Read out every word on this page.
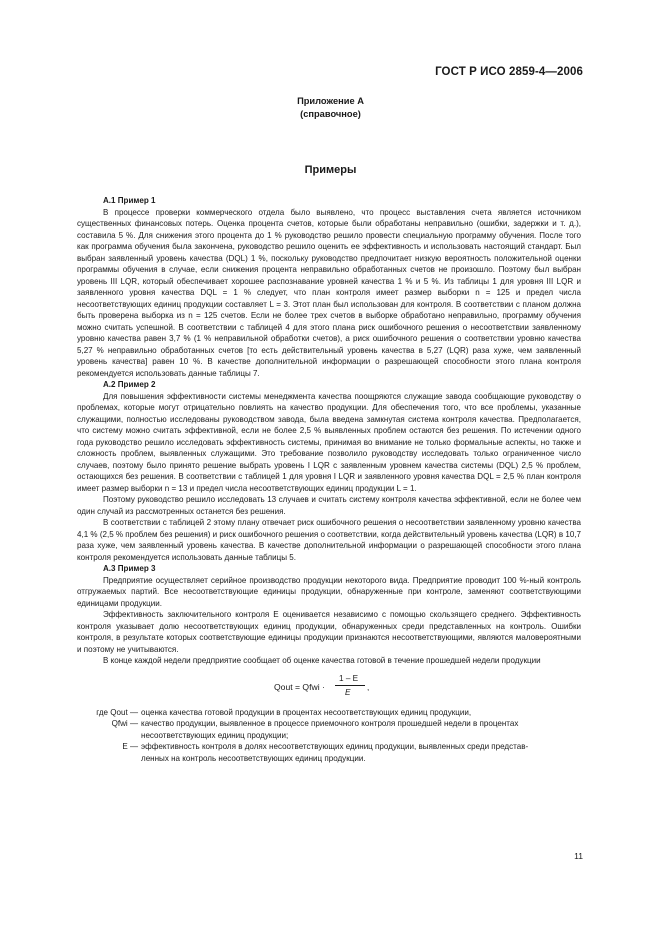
ГОСТ Р ИСО 2859-4—2006
Приложение А
(справочное)
Примеры

А.1 Пример 1

В процессе проверки коммерческого отдела было выявлено, что процесс выставления счета является источником существенных финансовых потерь. Оценка процента счетов, которые были обработаны неправильно (ошибки, задержки и т. д.), составила 5 %. Для снижения этого процента до 1 % руководство решило провести специальную программу обучения. После того как программа обучения была закончена, руководство решило оценить ее эффективность и использовать настоящий стандарт. Был выбран заявленный уровень качества (DQL) 1 %, поскольку руководство предпочитает низкую вероятность положительной оценки программы обучения в случае, если снижения процента неправильно обработанных счетов не произошло. Поэтому был выбран уровень III LQR, который обеспечивает хорошее распознавание уровней качества 1 % и 5 %. Из таблицы 1 для уровня III LQR и заявленного уровня качества DQL = 1 % следует, что план контроля имеет размер выборки n = 125 и предел числа несоответствующих единиц продукции составляет L = 3. Этот план был использован для контроля. В соответствии с планом должна быть проверена выборка из n = 125 счетов. Если не более трех счетов в выборке обработано неправильно, программу обучения можно считать успешной. В соответствии с таблицей 4 для этого плана риск ошибочного решения о несоответствии заявленному уровню качества равен 3,7 % (1 % неправильной обработки счетов), а риск ошибочного решения о соответствии уровню качества 5,27 % неправильно обработанных счетов [то есть действительный уровень качества в 5,27 (LQR) раза хуже, чем заявленный уровень качества] равен 10 %. В качестве дополнительной информации о разрешающей способности этого плана контроля рекомендуется использовать данные таблицы 7.

А.2 Пример 2

Для повышения эффективности системы менеджмента качества поощряются служащие завода сообщающие руководству о проблемах, которые могут отрицательно повлиять на качество продукции. Для обеспечения того, что все проблемы, указанные служащими, полностью исследованы руководством завода, была введена замкнутая система контроля качества. Предполагается, что систему можно считать эффективной, если не более 2,5 % выявленных проблем остаются без решения. По истечении одного года руководство решило исследовать эффективность системы, принимая во внимание не только формальные аспекты, но также и сложность проблем, выявленных служащими. Это требование позволило руководству исследовать только ограниченное число случаев, поэтому было принято решение выбрать уровень I LQR с заявленным уровнем качества системы (DQL) 2,5 % проблем, остающихся без решения. В соответствии с таблицей 1 для уровня I LQR и заявленного уровня качества DQL = 2,5 % план контроля имеет размер выборки n = 13 и предел числа несоответствующих единиц продукции L = 1.

Поэтому руководство решило исследовать 13 случаев и считать систему контроля качества эффективной, если не более чем один случай из рассмотренных останется без решения.

В соответствии с таблицей 2 этому плану отвечает риск ошибочного решения о несоответствии заявленному уровню качества 4,1 % (2,5 % проблем без решения) и риск ошибочного решения о соответствии, когда действительный уровень качества (LQR) в 10,7 раза хуже, чем заявленный уровень качества. В качестве дополнительной информации о разрешающей способности этого плана контроля рекомендуется использовать данные таблицы 5.

А.3 Пример 3

Предприятие осуществляет серийное производство продукции некоторого вида. Предприятие проводит 100 %-ный контроль отгружаемых партий. Все несоответствующие единицы продукции, обнаруженные при контроле, заменяют соответствующими единицами продукции.

Эффективность заключительного контроля E оценивается независимо с помощью скользящего среднего. Эффективность контроля указывает долю несоответствующих единиц продукции, обнаруженных среди представленных на контроль. Ошибки контроля, в результате которых соответствующие единицы продукции признаются несоответствующими, являются маловероятными и поэтому не учитываются.

В конце каждой недели предприятие сообщает об оценке качества готовой в течение прошедшей недели продукции

Qout = Qfwi ·
1 – E
E
,
где Qout — оценка качества готовой продукции в процентах несоответствующих единиц продукции,
Qfwi — качество продукции, выявленное в процессе приемочного контроля прошедшей недели в процентах
несоответствующих единиц продукции;
E — эффективность контроля в долях несоответствующих единиц продукции, выявленных среди представ-
ленных на контроль несоответствующих единиц продукции.
11
